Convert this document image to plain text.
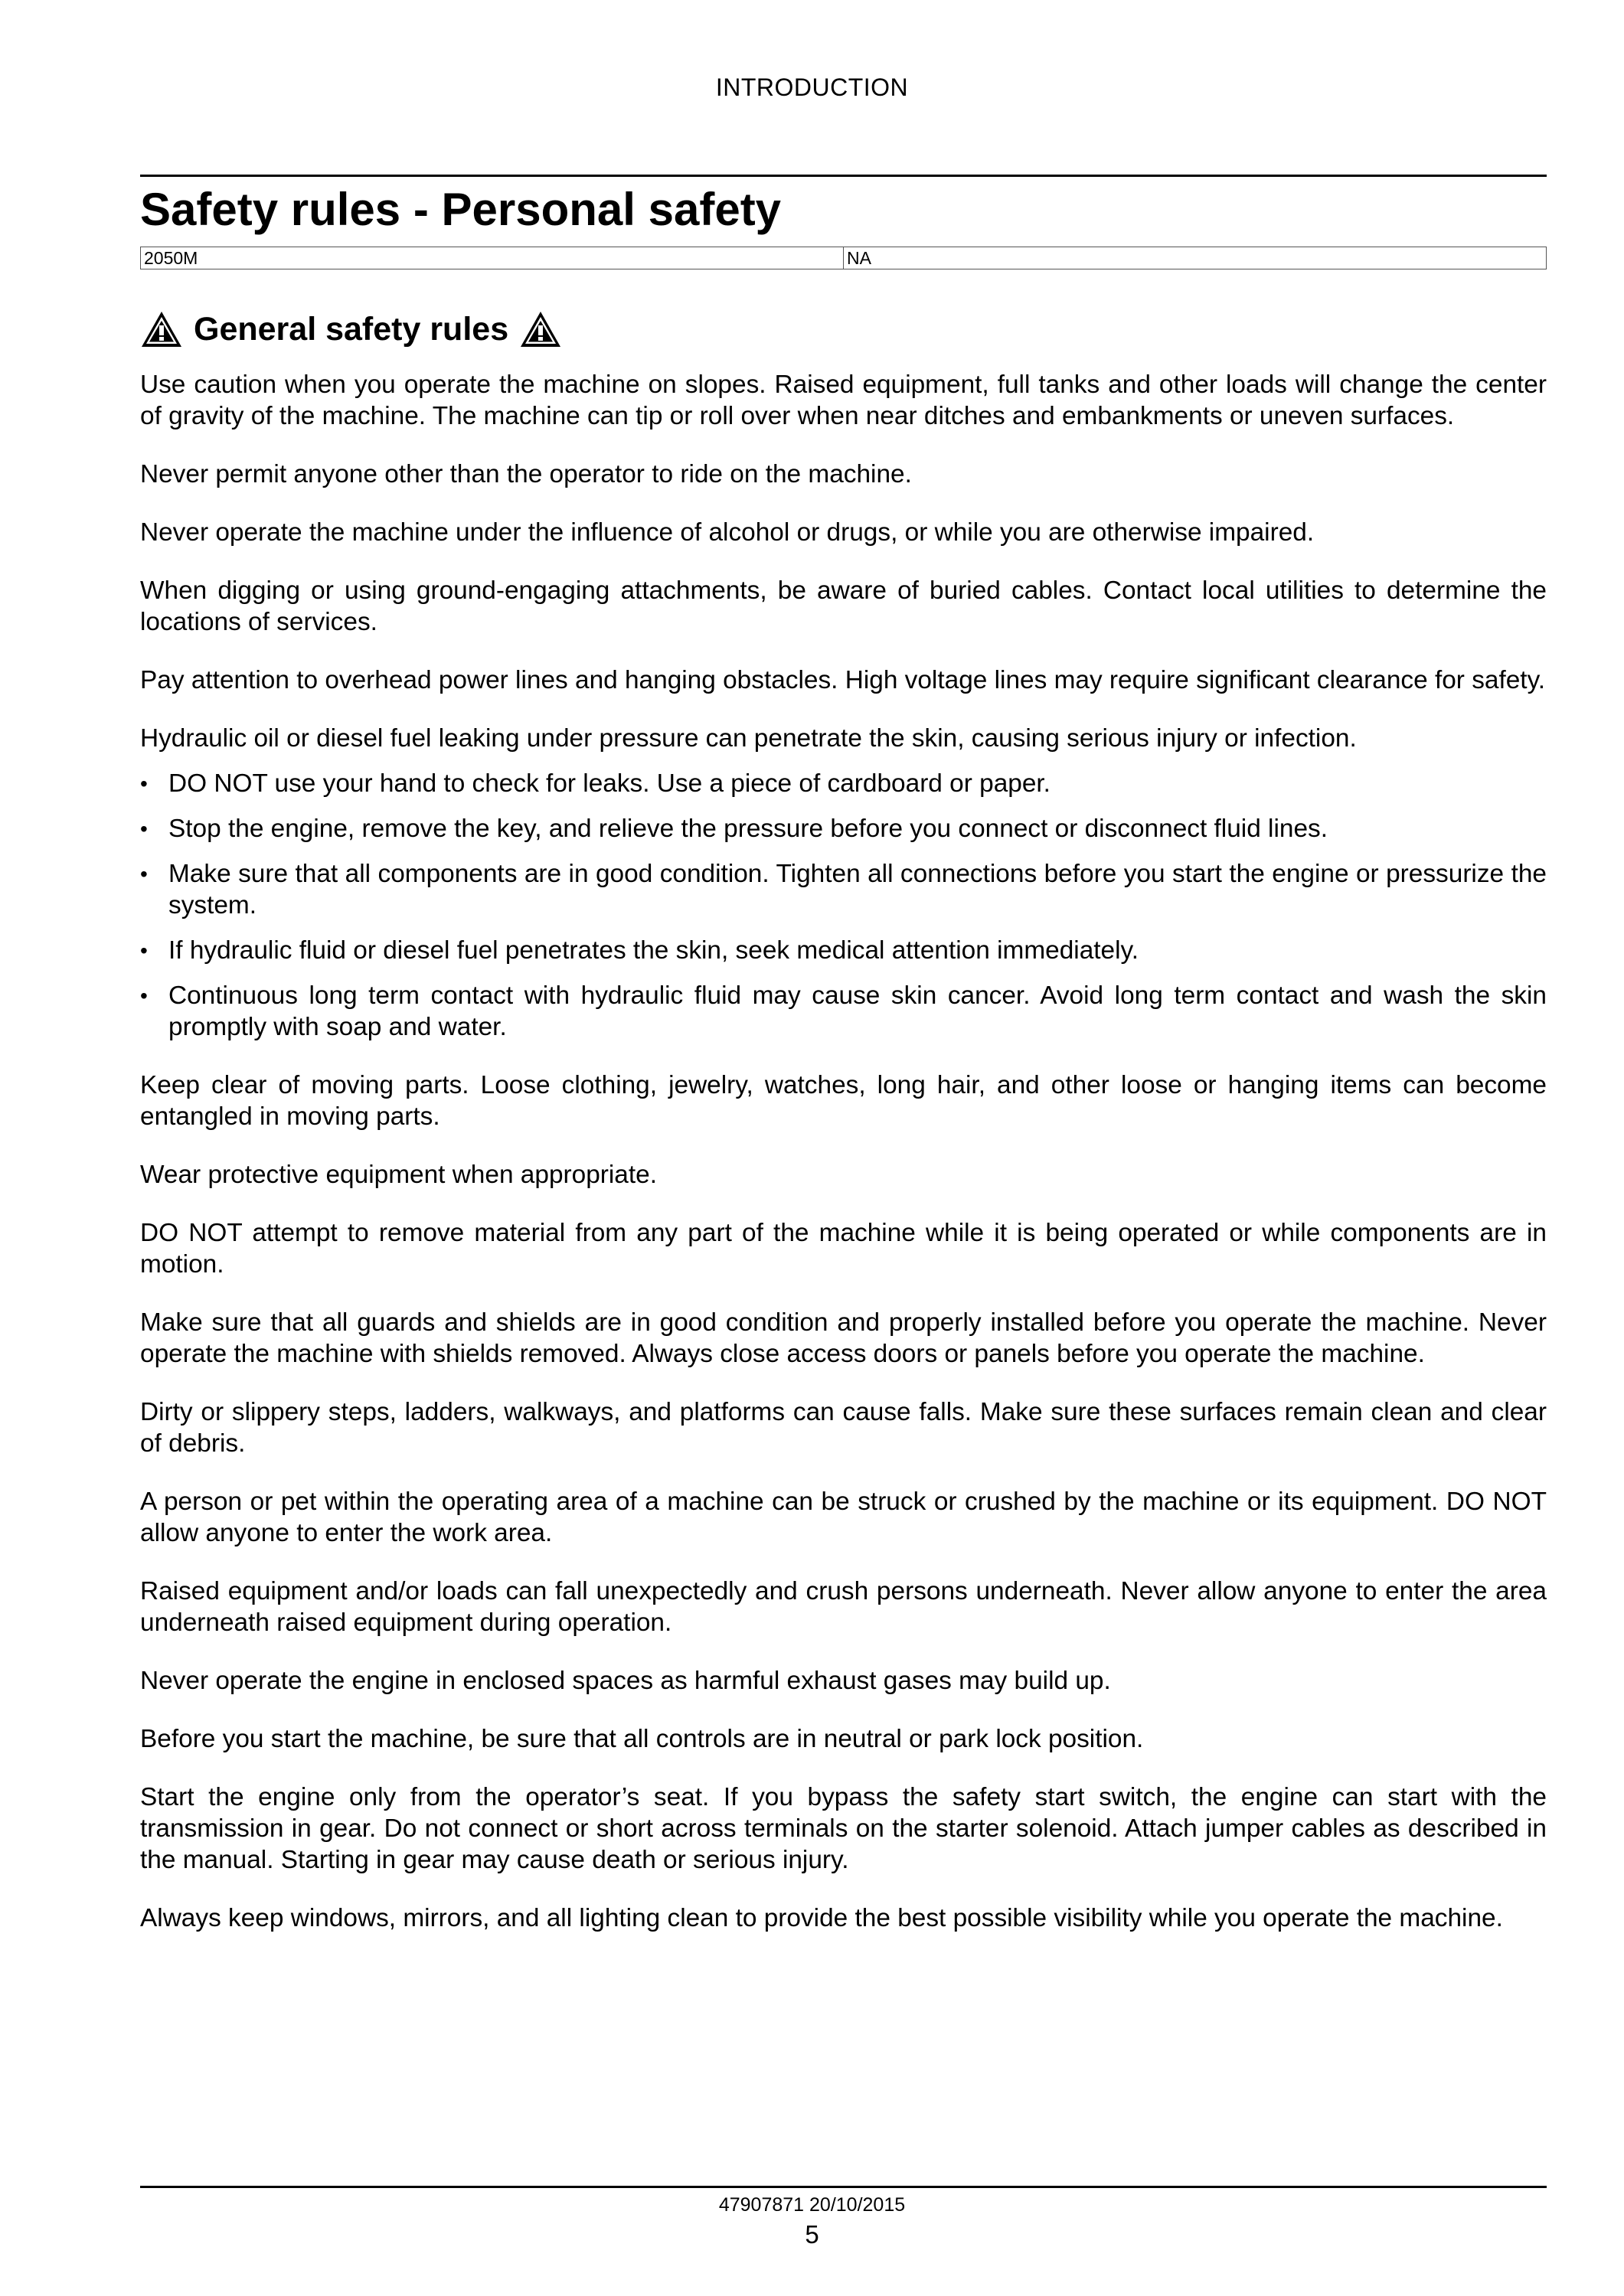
INTRODUCTION
Safety rules - Personal safety
2050M	NA
General safety rules

Use caution when you operate the machine on slopes. Raised equipment, full tanks and other loads will change the center of gravity of the machine. The machine can tip or roll over when near ditches and embankments or uneven surfaces.

Never permit anyone other than the operator to ride on the machine.

Never operate the machine under the influence of alcohol or drugs, or while you are otherwise impaired.

When digging or using ground-engaging attachments, be aware of buried cables. Contact local utilities to determine the locations of services.

Pay attention to overhead power lines and hanging obstacles. High voltage lines may require significant clearance for safety.

Hydraulic oil or diesel fuel leaking under pressure can penetrate the skin, causing serious injury or infection.

• DO NOT use your hand to check for leaks. Use a piece of cardboard or paper.
• Stop the engine, remove the key, and relieve the pressure before you connect or disconnect fluid lines.
• Make sure that all components are in good condition. Tighten all connections before you start the engine or pressurize the system.
• If hydraulic fluid or diesel fuel penetrates the skin, seek medical attention immediately.
• Continuous long term contact with hydraulic fluid may cause skin cancer. Avoid long term contact and wash the skin promptly with soap and water.

Keep clear of moving parts. Loose clothing, jewelry, watches, long hair, and other loose or hanging items can become entangled in moving parts.

Wear protective equipment when appropriate.

DO NOT attempt to remove material from any part of the machine while it is being operated or while components are in motion.

Make sure that all guards and shields are in good condition and properly installed before you operate the machine. Never operate the machine with shields removed. Always close access doors or panels before you operate the machine.

Dirty or slippery steps, ladders, walkways, and platforms can cause falls. Make sure these surfaces remain clean and clear of debris.

A person or pet within the operating area of a machine can be struck or crushed by the machine or its equipment. DO NOT allow anyone to enter the work area.

Raised equipment and/or loads can fall unexpectedly and crush persons underneath. Never allow anyone to enter the area underneath raised equipment during operation.

Never operate the engine in enclosed spaces as harmful exhaust gases may build up.

Before you start the machine, be sure that all controls are in neutral or park lock position.

Start the engine only from the operator’s seat. If you bypass the safety start switch, the engine can start with the transmission in gear. Do not connect or short across terminals on the starter solenoid. Attach jumper cables as described in the manual. Starting in gear may cause death or serious injury.

Always keep windows, mirrors, and all lighting clean to provide the best possible visibility while you operate the machine.

47907871 20/10/2015
5
